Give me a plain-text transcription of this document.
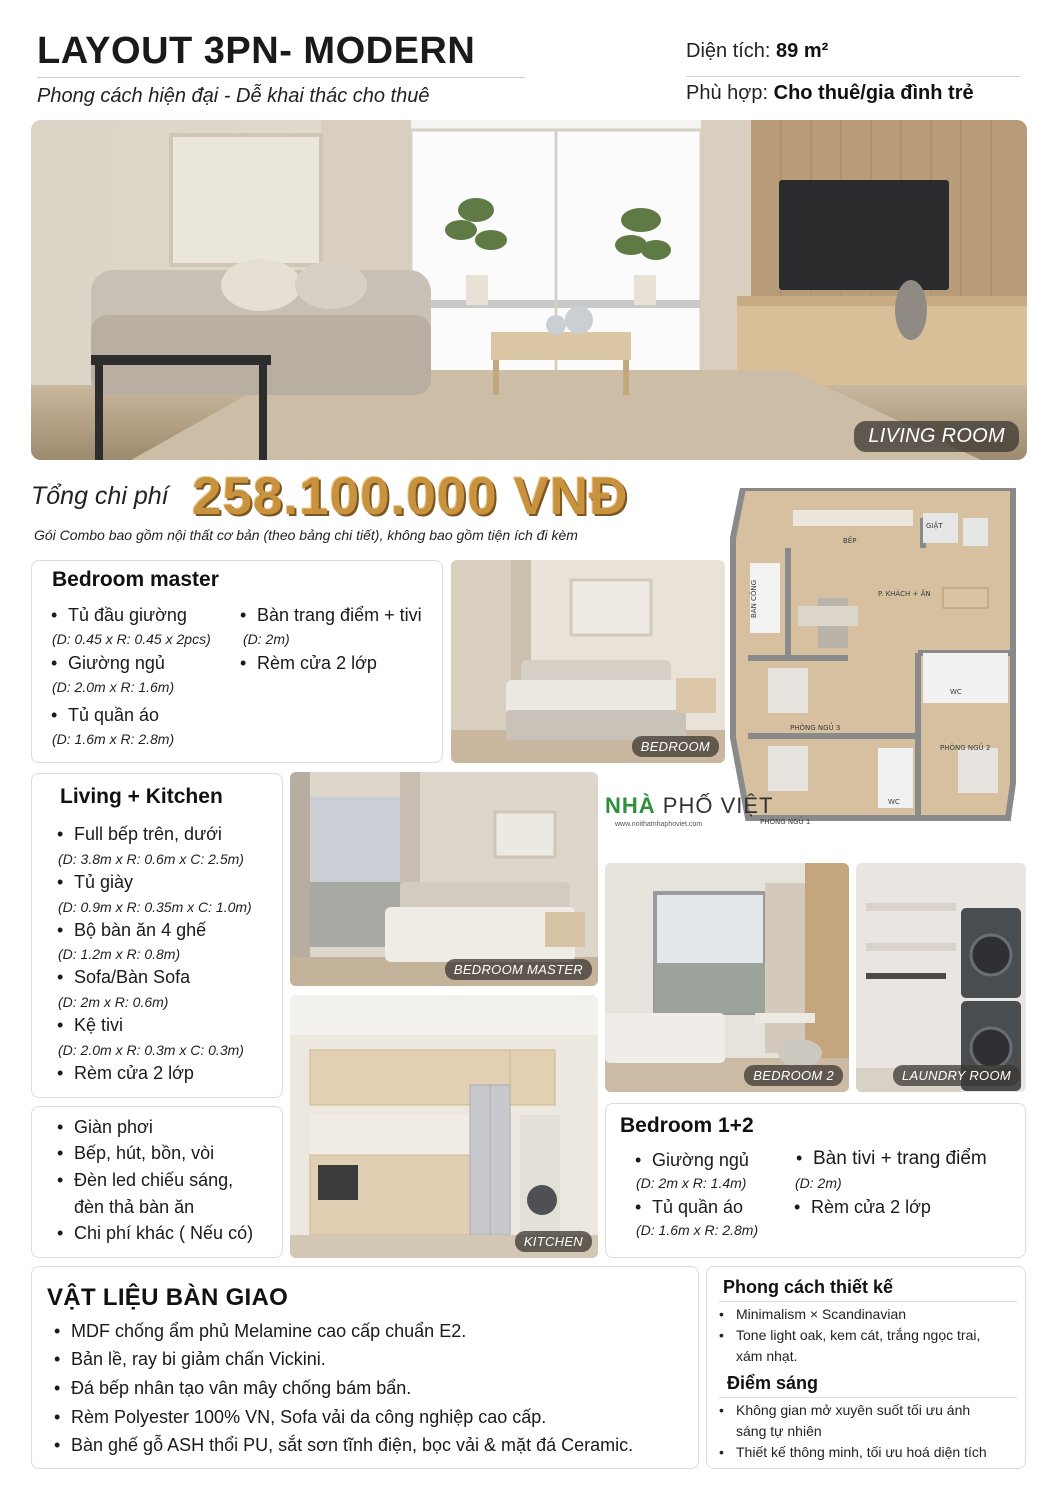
LAYOUT 3PN- MODERN
Phong cách hiện đại - Dễ khai thác cho thuê
Diện tích: 89 m²
Phù hợp: Cho thuê/gia đình trẻ
LIVING ROOM
Tổng chi phí 258.100.000 VNĐ
Gói Combo bao gồm nội thất cơ bản (theo bảng chi tiết), không bao gồm tiện ích đi kèm	BẾP
GIẶT
P. KHÁCH + ĂN
WC
WC
PHÒNG NGỦ 3
PHÒNG NGỦ 2
PHÒNG NGỦ 1
BAN CÔNG
Bedroom master
• Tủ đầu giường
(D: 0.45 x R: 0.45 x 2pcs)
• Giường ngủ
(D: 2.0m x R: 1.6m)
• Tủ quần áo
(D: 1.6m x R: 2.8m)
• Bàn trang điểm + tivi
(D: 2m)
• Rèm cửa 2 lớp
BEDROOM
Living + Kitchen
• Full bếp trên, dưới
(D: 3.8m x R: 0.6m x C: 2.5m)
• Tủ giày
(D: 0.9m x R: 0.35m x C: 1.0m)
• Bộ bàn ăn 4 ghế
(D: 1.2m x R: 0.8m)
• Sofa/Bàn Sofa
(D: 2m x R: 0.6m)
• Kệ tivi
(D: 2.0m x R: 0.3m x C: 0.3m)
• Rèm cửa 2 lớp
BEDROOM MASTER
NHÀ PHỐ VIỆT
www.noithatnhaphoviet.com
BEDROOM 2	LAUNDRY ROOM
• Giàn phơi
• Bếp, hút, bồn, vòi
• Đèn led chiếu sáng,
đèn thả bàn ăn
• Chi phí khác ( Nếu có)	KITCHEN
Bedroom 1+2
• Giường ngủ
(D: 2m x R: 1.4m)
• Tủ quần áo
(D: 1.6m x R: 2.8m)
• Bàn tivi + trang điểm
(D: 2m)
• Rèm cửa 2 lớp
VẬT LIỆU BÀN GIAO
• MDF chống ẩm phủ Melamine cao cấp chuẩn E2.
• Bản lề, ray bi giảm chấn Vickini.
• Đá bếp nhân tạo vân mây chống bám bẩn.
• Rèm Polyester 100% VN, Sofa vải da công nghiệp cao cấp.
• Bàn ghế gỗ ASH thổi PU, sắt sơn tĩnh điện, bọc vải & mặt đá Ceramic.
Phong cách thiết kế
• Minimalism × Scandinavian
• Tone light oak, kem cát, trắng ngọc trai, xám nhạt.
Điểm sáng
• Không gian mở xuyên suốt tối ưu ánh sáng tự nhiên
• Thiết kế thông minh, tối ưu hoá diện tích
